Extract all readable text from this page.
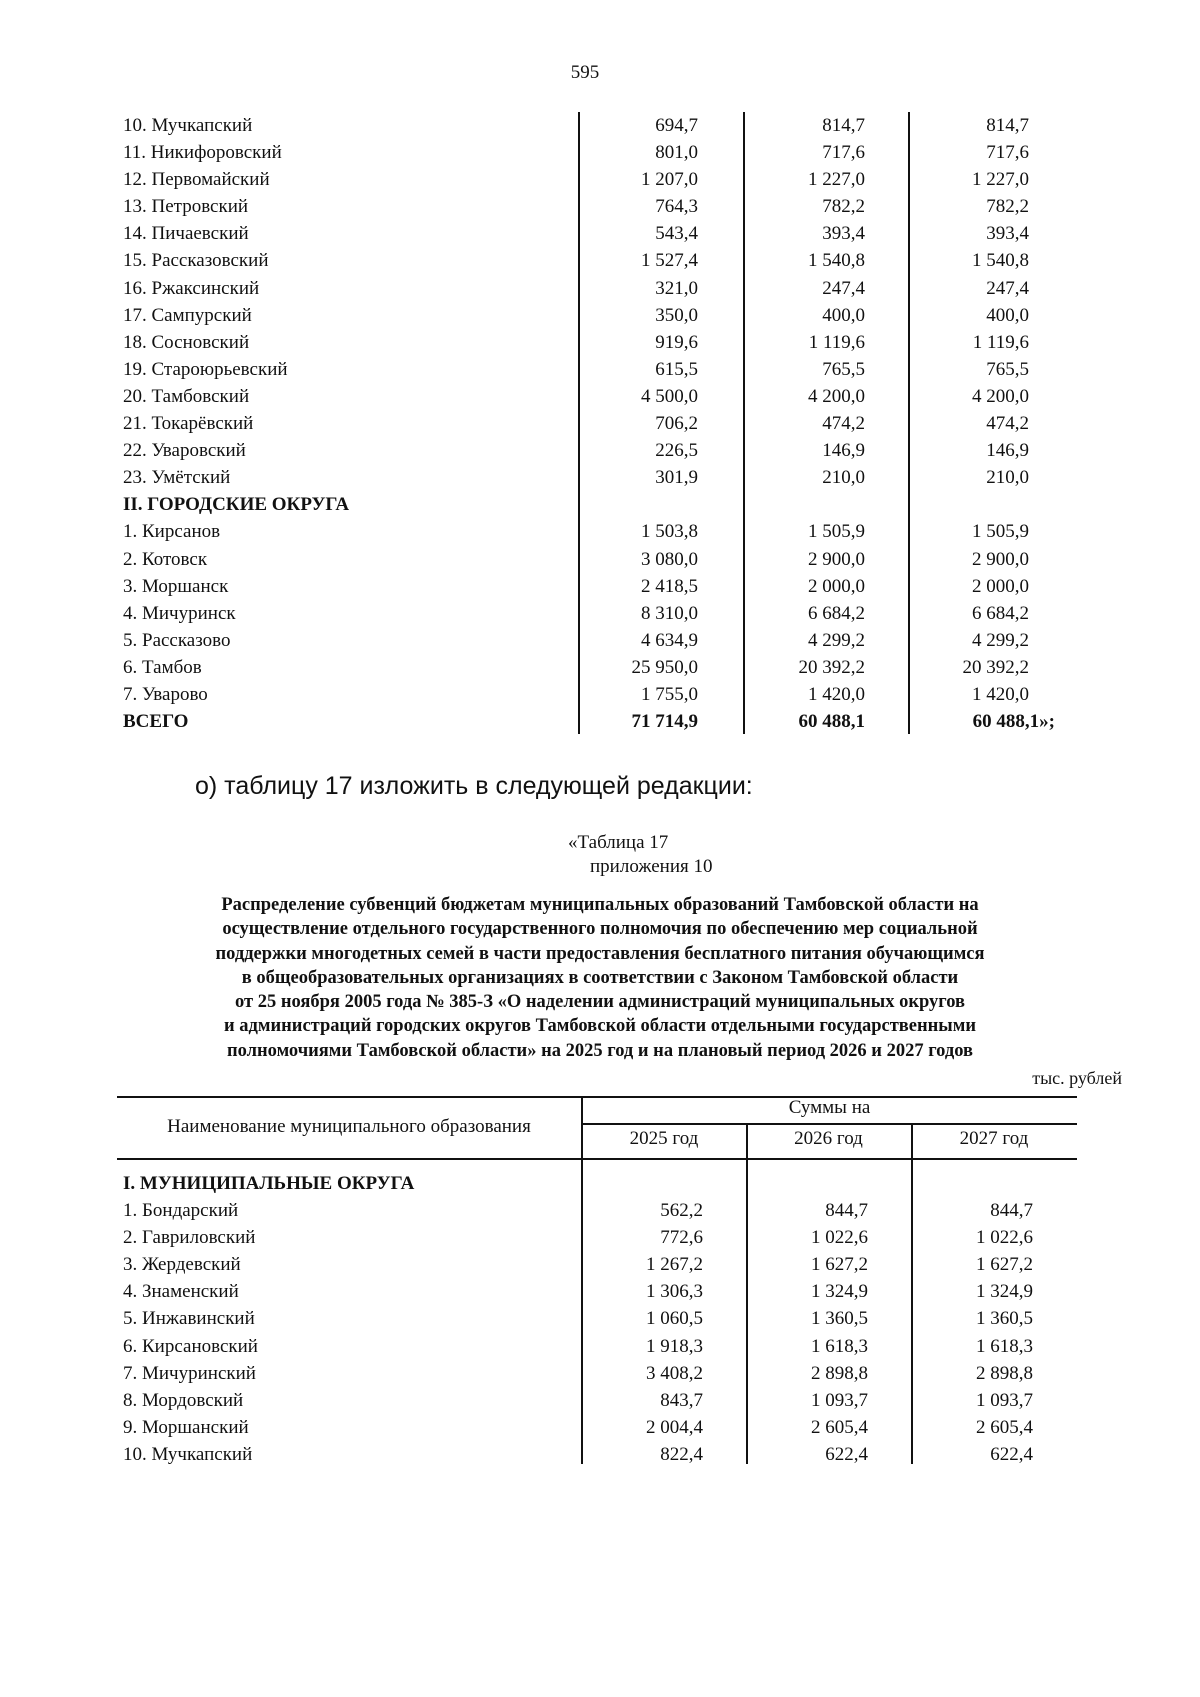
595
10. Мучкапский	694,7	814,7	814,7
11. Никифоровский	801,0	717,6	717,6
12. Первомайский	1 207,0	1 227,0	1 227,0
13. Петровский	764,3	782,2	782,2
14. Пичаевский	543,4	393,4	393,4
15. Рассказовский	1 527,4	1 540,8	1 540,8
16. Ржаксинский	321,0	247,4	247,4
17. Сампурский	350,0	400,0	400,0
18. Сосновский	919,6	1 119,6	1 119,6
19. Староюрьевский	615,5	765,5	765,5
20. Тамбовский	4 500,0	4 200,0	4 200,0
21. Токарёвский	706,2	474,2	474,2
22. Уваровский	226,5	146,9	146,9
23. Умётский	301,9	210,0	210,0
II. ГОРОДСКИЕ ОКРУГА
1. Кирсанов	1 503,8	1 505,9	1 505,9
2. Котовск	3 080,0	2 900,0	2 900,0
3. Моршанск	2 418,5	2 000,0	2 000,0
4. Мичуринск	8 310,0	6 684,2	6 684,2
5. Рассказово	4 634,9	4 299,2	4 299,2
6. Тамбов	25 950,0	20 392,2	20 392,2
7. Уварово	1 755,0	1 420,0	1 420,0
ВСЕГО	71 714,9	60 488,1	60 488,1»;
о) таблицу 17 изложить в следующей редакции:
«Таблица 17
приложения 10
Распределение субвенций бюджетам муниципальных образований Тамбовской области на
осуществление отдельного государственного полномочия по обеспечению мер социальной
поддержки многодетных семей в части предоставления бесплатного питания обучающимся
в общеобразовательных организациях в соответствии с Законом Тамбовской области
от 25 ноября 2005 года № 385-З «О наделении администраций муниципальных округов
и администраций городских округов Тамбовской области отдельными государственными
полномочиями Тамбовской области» на 2025 год и на плановый период 2026 и 2027 годов
тыс. рублей
Наименование муниципального образования
Суммы на
2025 год	2026 год	2027 год
I. МУНИЦИПАЛЬНЫЕ ОКРУГА
1. Бондарский	562,2	844,7	844,7
2. Гавриловский	772,6	1 022,6	1 022,6
3. Жердевский	1 267,2	1 627,2	1 627,2
4. Знаменский	1 306,3	1 324,9	1 324,9
5. Инжавинский	1 060,5	1 360,5	1 360,5
6. Кирсановский	1 918,3	1 618,3	1 618,3
7. Мичуринский	3 408,2	2 898,8	2 898,8
8. Мордовский	843,7	1 093,7	1 093,7
9. Моршанский	2 004,4	2 605,4	2 605,4
10. Мучкапский	822,4	622,4	622,4
